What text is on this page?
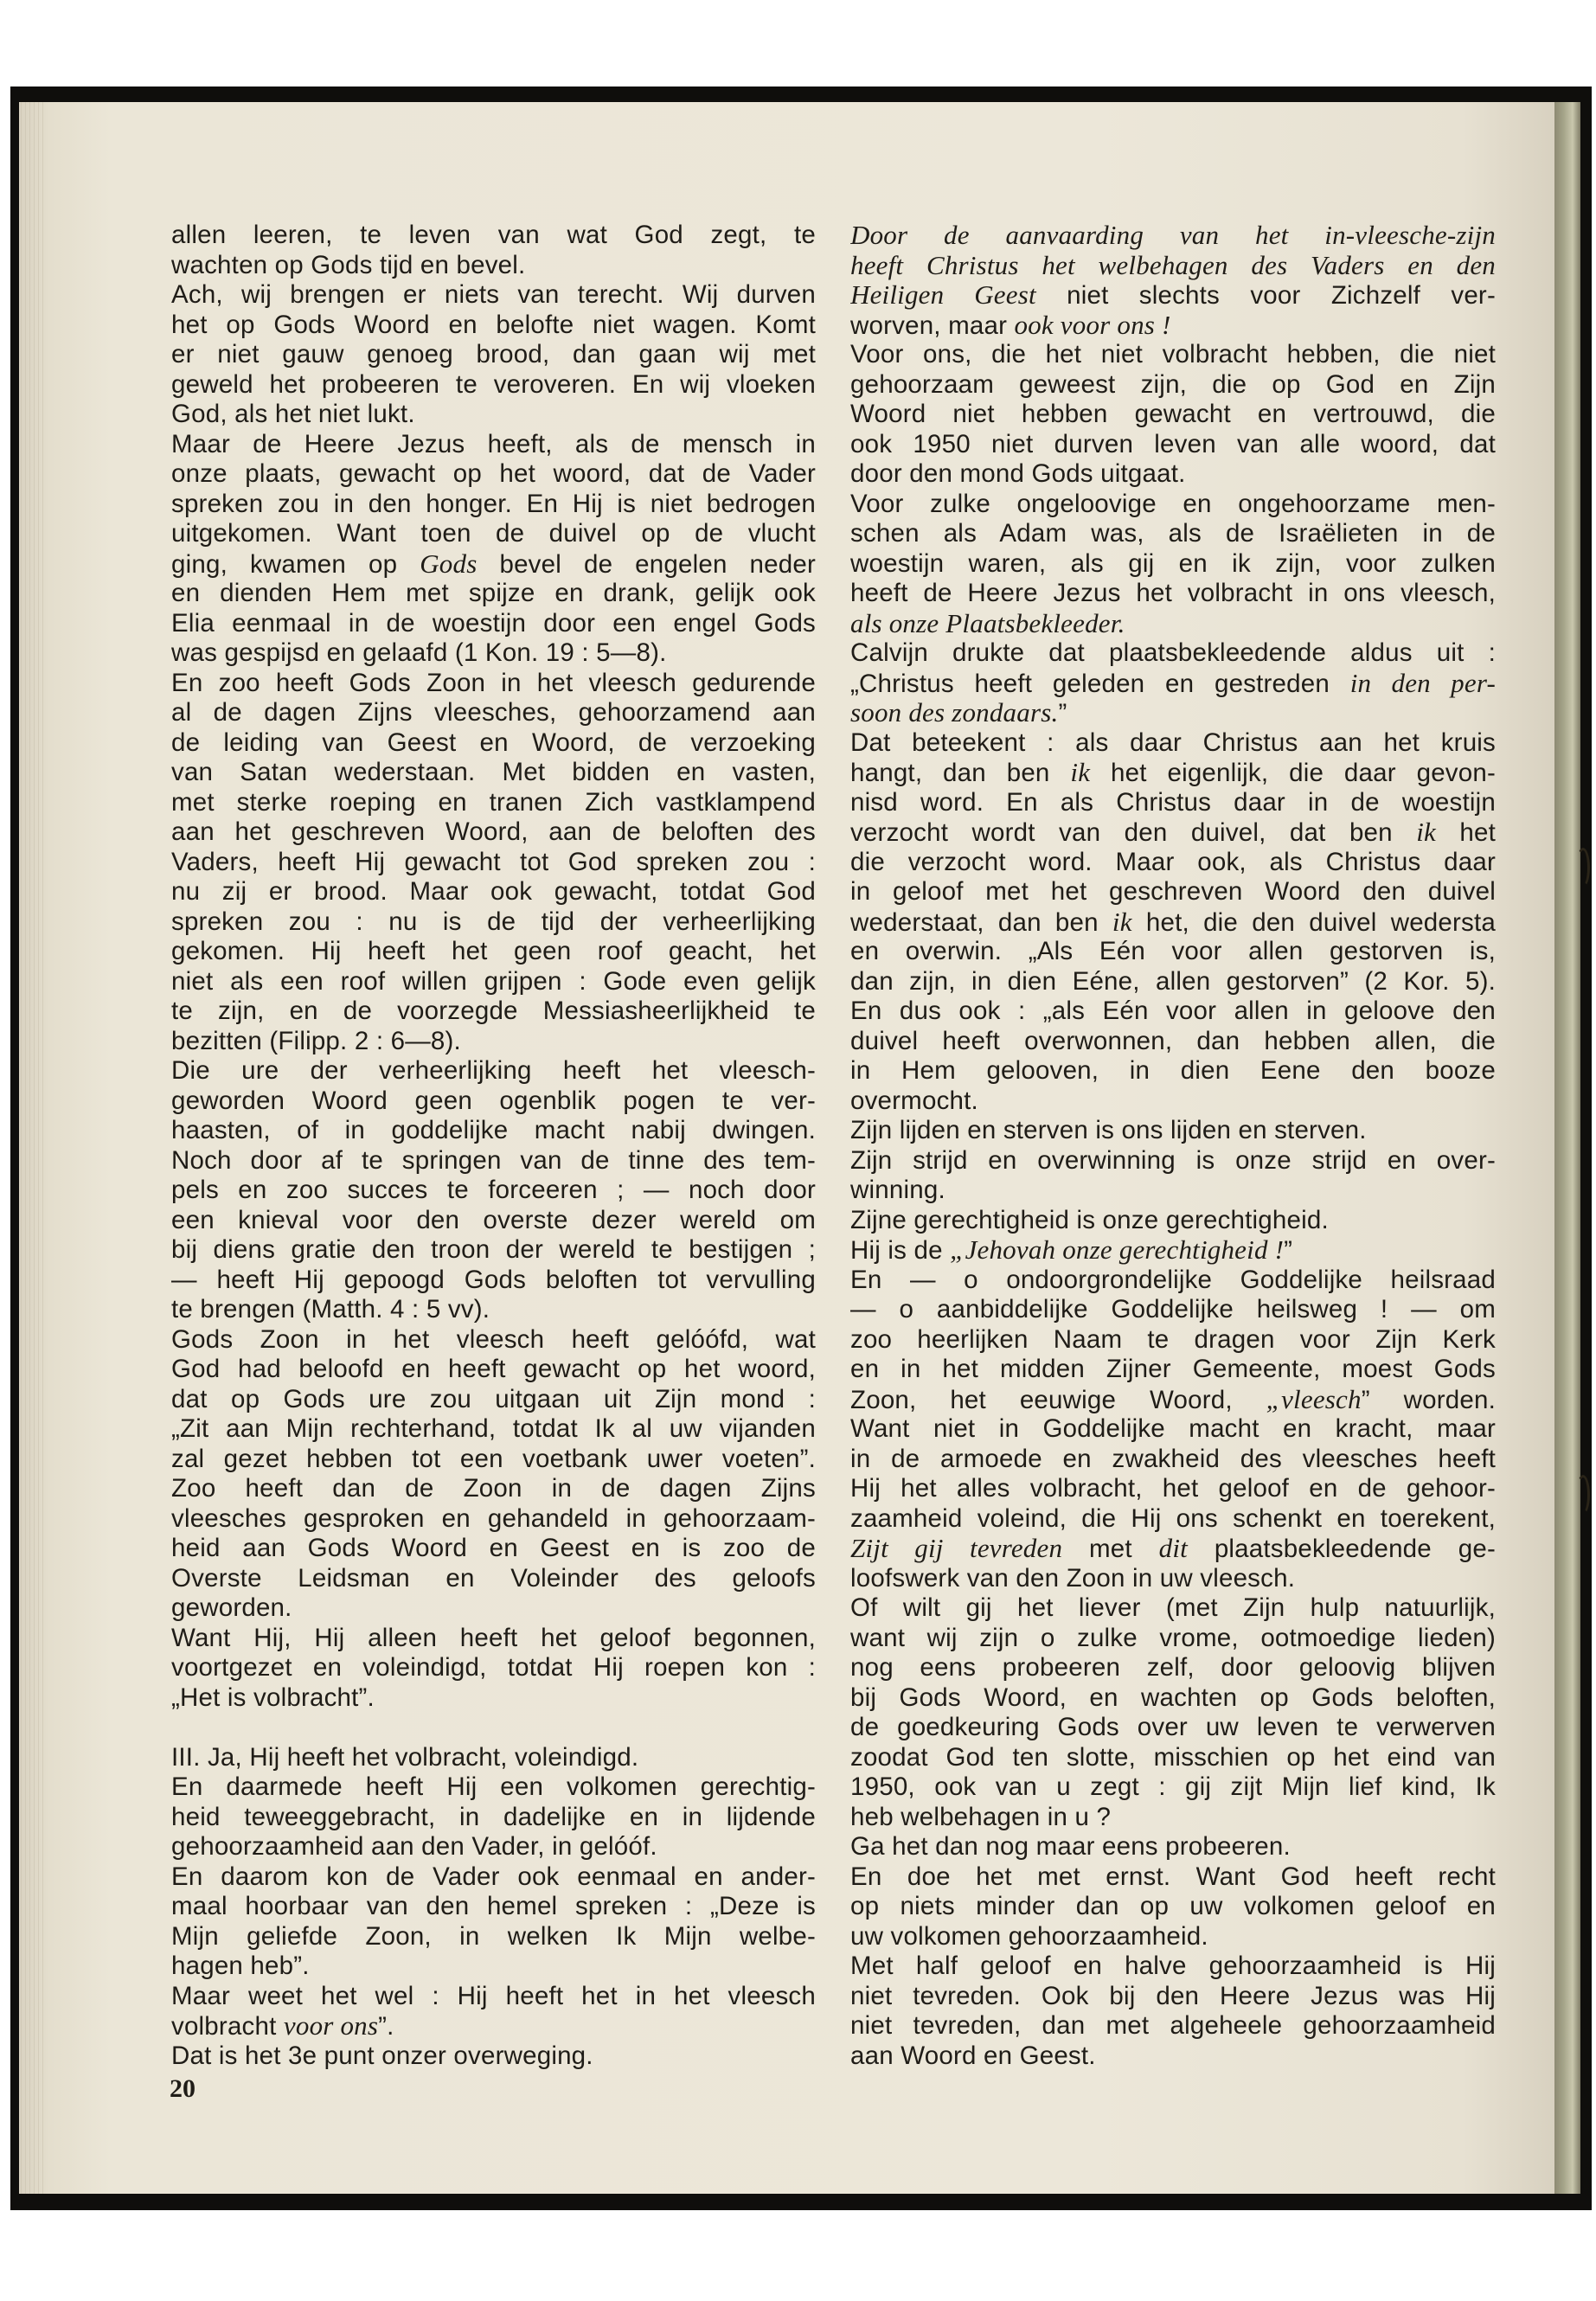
allen leeren, te leven van wat God zegt, te
wachten op Gods tijd en bevel.
Ach, wij brengen er niets van terecht. Wij durven
het op Gods Woord en belofte niet wagen. Komt
er niet gauw genoeg brood, dan gaan wij met
geweld het probeeren te veroveren. En wij vloeken
God, als het niet lukt.
Maar de Heere Jezus heeft, als de mensch in
onze plaats, gewacht op het woord, dat de Vader
spreken zou in den honger. En Hij is niet bedrogen
uitgekomen. Want toen de duivel op de vlucht
ging, kwamen op Gods bevel de engelen neder
en dienden Hem met spijze en drank, gelijk ook
Elia eenmaal in de woestijn door een engel Gods
was gespijsd en gelaafd (1 Kon. 19 : 5—8).
En zoo heeft Gods Zoon in het vleesch gedurende
al de dagen Zijns vleesches, gehoorzamend aan
de leiding van Geest en Woord, de verzoeking
van Satan wederstaan. Met bidden en vasten,
met sterke roeping en tranen Zich vastklampend
aan het geschreven Woord, aan de beloften des
Vaders, heeft Hij gewacht tot God spreken zou :
nu zij er brood. Maar ook gewacht, totdat God
spreken zou : nu is de tijd der verheerlijking
gekomen. Hij heeft het geen roof geacht, het
niet als een roof willen grijpen : Gode even gelijk
te zijn, en de voorzegde Messiasheerlijkheid te
bezitten (Filipp. 2 : 6—8).
Die ure der verheerlijking heeft het vleesch-
geworden Woord geen ogenblik pogen te ver-
haasten, of in goddelijke macht nabij dwingen.
Noch door af te springen van de tinne des tem-
pels en zoo succes te forceeren ; — noch door
een knieval voor den overste dezer wereld om
bij diens gratie den troon der wereld te bestijgen ;
— heeft Hij gepoogd Gods beloften tot vervulling
te brengen (Matth. 4 : 5 vv).
Gods Zoon in het vleesch heeft gelóófd, wat
God had beloofd en heeft gewacht op het woord,
dat op Gods ure zou uitgaan uit Zijn mond :
„Zit aan Mijn rechterhand, totdat Ik al uw vijanden
zal gezet hebben tot een voetbank uwer voeten”.
Zoo heeft dan de Zoon in de dagen Zijns
vleesches gesproken en gehandeld in gehoorzaam-
heid aan Gods Woord en Geest en is zoo de
Overste Leidsman en Voleinder des geloofs
geworden.
Want Hij, Hij alleen heeft het geloof begonnen,
voortgezet en voleindigd, totdat Hij roepen kon :
„Het is volbracht”.

III. Ja, Hij heeft het volbracht, voleindigd.
En daarmede heeft Hij een volkomen gerechtig-
heid teweeggebracht, in dadelijke en in lijdende
gehoorzaamheid aan den Vader, in gelóóf.
En daarom kon de Vader ook eenmaal en ander-
maal hoorbaar van den hemel spreken : „Deze is
Mijn geliefde Zoon, in welken Ik Mijn welbe-
hagen heb”.
Maar weet het wel : Hij heeft het in het vleesch
volbracht voor ons”.
Dat is het 3e punt onzer overweging.
Door de aanvaarding van het in-vleesche-zijn
heeft Christus het welbehagen des Vaders en den
Heiligen Geest niet slechts voor Zichzelf ver-
worven, maar ook voor ons !
Voor ons, die het niet volbracht hebben, die niet
gehoorzaam geweest zijn, die op God en Zijn
Woord niet hebben gewacht en vertrouwd, die
ook 1950 niet durven leven van alle woord, dat
door den mond Gods uitgaat.
Voor zulke ongeloovige en ongehoorzame men-
schen als Adam was, als de Israëlieten in de
woestijn waren, als gij en ik zijn, voor zulken
heeft de Heere Jezus het volbracht in ons vleesch,
als onze Plaatsbekleeder.
Calvijn drukte dat plaatsbekleedende aldus uit :
„Christus heeft geleden en gestreden in den per-
soon des zondaars.”
Dat beteekent : als daar Christus aan het kruis
hangt, dan ben ik het eigenlijk, die daar gevon-
nisd word. En als Christus daar in de woestijn
verzocht wordt van den duivel, dat ben ik het
die verzocht word. Maar ook, als Christus daar
in geloof met het geschreven Woord den duivel
wederstaat, dan ben ik het, die den duivel wedersta
en overwin. „Als Eén voor allen gestorven is,
dan zijn, in dien Eéne, allen gestorven” (2 Kor. 5).
En dus ook : „als Eén voor allen in geloove den
duivel heeft overwonnen, dan hebben allen, die
in Hem gelooven, in dien Eene den booze
overmocht.
Zijn lijden en sterven is ons lijden en sterven.
Zijn strijd en overwinning is onze strijd en over-
winning.
Zijne gerechtigheid is onze gerechtigheid.
Hij is de „Jehovah onze gerechtigheid !”
En — o ondoorgrondelijke Goddelijke heilsraad
— o aanbiddelijke Goddelijke heilsweg ! — om
zoo heerlijken Naam te dragen voor Zijn Kerk
en in het midden Zijner Gemeente, moest Gods
Zoon, het eeuwige Woord, „vleesch” worden.
Want niet in Goddelijke macht en kracht, maar
in de armoede en zwakheid des vleesches heeft
Hij het alles volbracht, het geloof en de gehoor-
zaamheid voleind, die Hij ons schenkt en toerekent,
Zijt gij tevreden met dit plaatsbekleedende ge-
loofswerk van den Zoon in uw vleesch.
Of wilt gij het liever (met Zijn hulp natuurlijk,
want wij zijn o zulke vrome, ootmoedige lieden)
nog eens probeeren zelf, door geloovig blijven
bij Gods Woord, en wachten op Gods beloften,
de goedkeuring Gods over uw leven te verwerven
zoodat God ten slotte, misschien op het eind van
1950, ook van u zegt : gij zijt Mijn lief kind, Ik
heb welbehagen in u ?
Ga het dan nog maar eens probeeren.
En doe het met ernst. Want God heeft recht
op niets minder dan op uw volkomen geloof en
uw volkomen gehoorzaamheid.
Met half geloof en halve gehoorzaamheid is Hij
niet tevreden. Ook bij den Heere Jezus was Hij
niet tevreden, dan met algeheele gehoorzaamheid
aan Woord en Geest.
20
